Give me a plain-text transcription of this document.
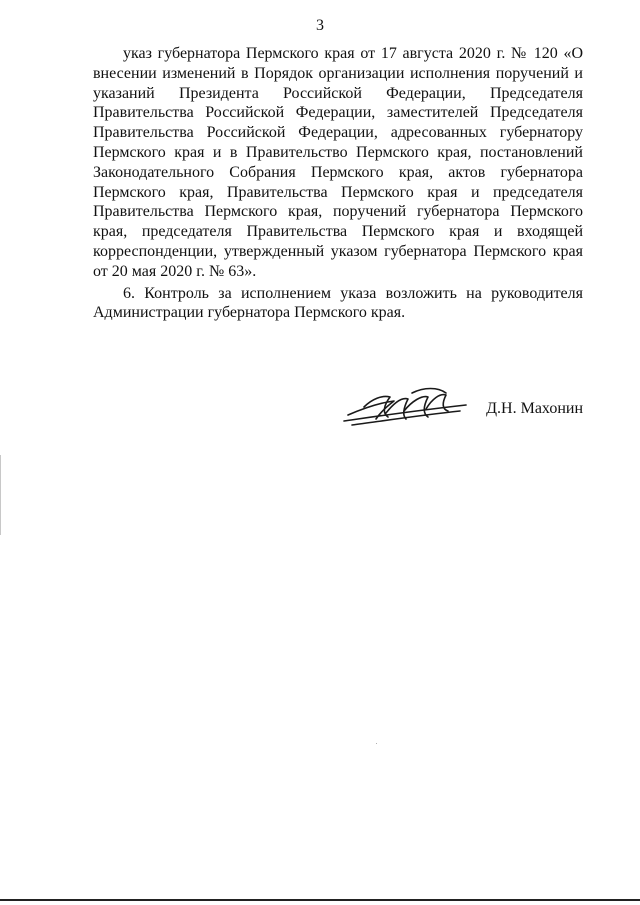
3

указ губернатора Пермского края от 17 августа 2020 г. № 120 «О внесении изменений в Порядок организации исполнения поручений и указаний Президента Российской Федерации, Председателя Правительства Российской Федерации, заместителей Председателя Правительства Российской Федерации, адресованных губернатору Пермского края и в Правительство Пермского края, постановлений Законодательного Собрания Пермского края, актов губернатора Пермского края, Правительства Пермского края и председателя Правительства Пермского края, поручений губернатора Пермского края, председателя Правительства Пермского края и входящей корреспонденции, утвержденный указом губернатора Пермского края от 20 мая 2020 г. № 63».

6. Контроль за исполнением указа возложить на руководителя Администрации губернатора Пермского края.

Д.Н. Махонин
